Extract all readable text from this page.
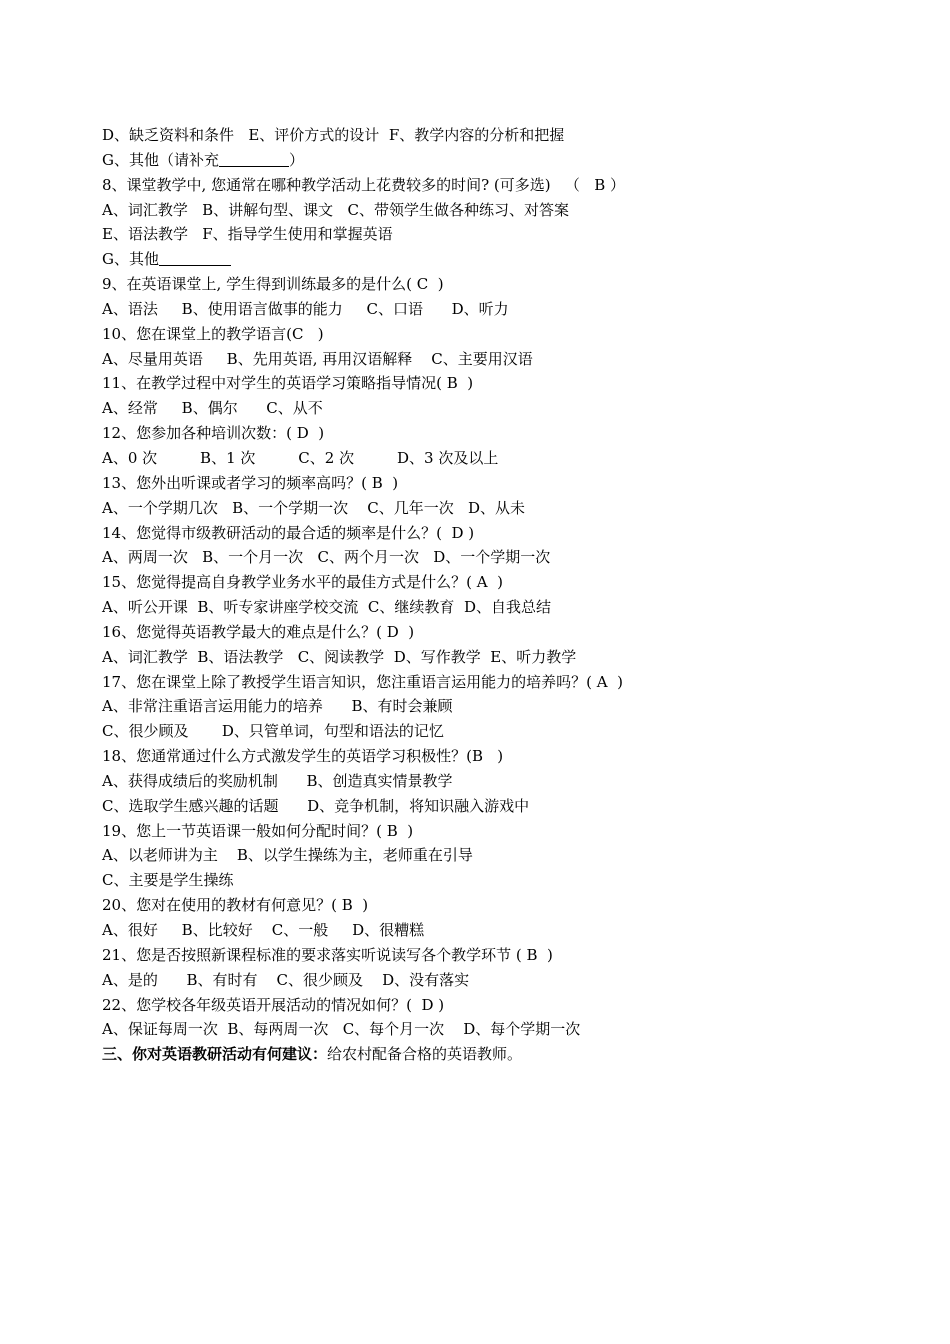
D、缺乏资料和条件   E、评价方式的设计  F、教学内容的分析和把握
G、其他（请补充	）
8、课堂教学中, 您通常在哪种教学活动上花费较多的时间? (可多选)   （   B ）
A、词汇教学   B、讲解句型、课文   C、带领学生做各种练习、对答案
E、语法教学   F、指导学生使用和掌握英语
G、其他
9、在英语课堂上, 学生得到训练最多的是什么( C  )
A、语法     B、使用语言做事的能力     C、口语      D、听力
10、您在课堂上的教学语言(C   )
A、尽量用英语     B、先用英语, 再用汉语解释    C、主要用汉语
11、在教学过程中对学生的英语学习策略指导情况( B  )
A、经常     B、偶尔      C、从不
12、您参加各种培训次数：( D  )
A、0 次         B、1 次         C、2 次         D、3 次及以上
13、您外出听课或者学习的频率高吗？( B  )
A、一个学期几次   B、一个学期一次    C、几年一次   D、从未
14、您觉得市级教研活动的最合适的频率是什么？(  D )
A、两周一次   B、一个月一次   C、两个月一次   D、一个学期一次
15、您觉得提高自身教学业务水平的最佳方式是什么？( A  )
A、听公开课  B、听专家讲座学校交流  C、继续教育  D、自我总结
16、您觉得英语教学最大的难点是什么？( D  )
A、词汇教学  B、语法教学   C、阅读教学  D、写作教学  E、听力教学
17、您在课堂上除了教授学生语言知识，您注重语言运用能力的培养吗？( A  )
A、非常注重语言运用能力的培养      B、有时会兼顾
C、很少顾及       D、只管单词，句型和语法的记忆
18、您通常通过什么方式激发学生的英语学习积极性？(B   )
A、获得成绩后的奖励机制      B、创造真实情景教学
C、选取学生感兴趣的话题      D、竞争机制，将知识融入游戏中
19、您上一节英语课一般如何分配时间？( B  )
A、以老师讲为主    B、以学生操练为主，老师重在引导
C、主要是学生操练
20、您对在使用的教材有何意见？( B  )
A、很好     B、比较好    C、一般     D、很糟糕
21、您是否按照新课程标准的要求落实听说读写各个教学环节 ( B  )
A、是的      B、有时有    C、很少顾及    D、没有落实
22、您学校各年级英语开展活动的情况如何？(  D )
A、保证每周一次  B、每两周一次   C、每个月一次    D、每个学期一次
三、你对英语教研活动有何建议：给农村配备合格的英语教师。
